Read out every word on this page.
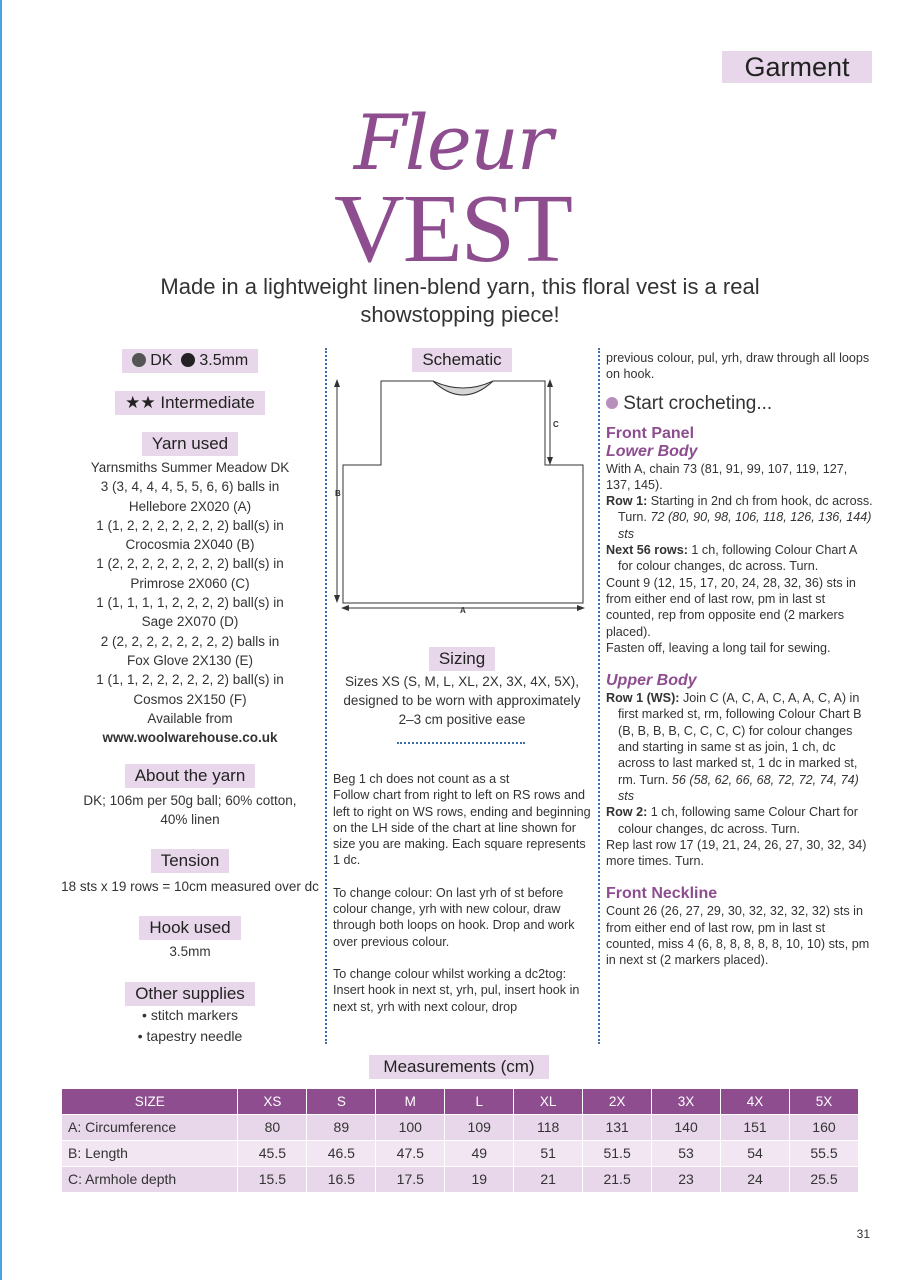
Garment
Fleur
VEST
Made in a lightweight linen-blend yarn, this floral vest is a real showstopping piece!
DK 3.5mm
★★ Intermediate
Yarn used
Yarnsmiths Summer Meadow DK
3 (3, 4, 4, 4, 5, 5, 6, 6) balls in
Hellebore 2X020 (A)
1 (1, 2, 2, 2, 2, 2, 2, 2) ball(s) in
Crocosmia 2X040 (B)
1 (2, 2, 2, 2, 2, 2, 2, 2) ball(s) in
Primrose 2X060 (C)
1 (1, 1, 1, 1, 2, 2, 2, 2) ball(s) in
Sage 2X070 (D)
2 (2, 2, 2, 2, 2, 2, 2, 2) balls in
Fox Glove 2X130 (E)
1 (1, 1, 2, 2, 2, 2, 2, 2) ball(s) in
Cosmos 2X150 (F)
Available from
www.woolwarehouse.co.uk
About the yarn
DK; 106m per 50g ball; 60% cotton,
40% linen
Tension
18 sts x 19 rows = 10cm measured over dc
Hook used
3.5mm
Other supplies
• stitch markers
• tapestry needle
Schematic
B
C
A
Sizing
Sizes XS (S, M, L, XL, 2X, 3X, 4X, 5X),
designed to be worn with approximately
2–3 cm positive ease
Beg 1 ch does not count as a st
Follow chart from right to left on RS rows and left to right on WS rows, ending and beginning on the LH side of the chart at line shown for size you are making. Each square represents 1 dc.
To change colour: On last yrh of st before colour change, yrh with new colour, draw through both loops on hook. Drop and work over previous colour.
To change colour whilst working a dc2tog: Insert hook in next st, yrh, pul, insert hook in next st, yrh with next colour, drop
previous colour, pul, yrh, draw through all loops on hook.
Start crocheting...
Front Panel
Lower Body
With A, chain 73 (81, 91, 99, 107, 119, 127, 137, 145).
Row 1: Starting in 2nd ch from hook, dc across. Turn. 72 (80, 90, 98, 106, 118, 126, 136, 144) sts
Next 56 rows: 1 ch, following Colour Chart A for colour changes, dc across. Turn.
Count 9 (12, 15, 17, 20, 24, 28, 32, 36) sts in from either end of last row, pm in last st counted, rep from opposite end (2 markers placed).
Fasten off, leaving a long tail for sewing.
Upper Body
Row 1 (WS): Join C (A, C, A, C, A, A, C, A) in first marked st, rm, following Colour Chart B (B, B, B, B, C, C, C, C) for colour changes and starting in same st as join, 1 ch, dc across to last marked st, 1 dc in marked st, rm. Turn. 56 (58, 62, 66, 68, 72, 72, 74, 74) sts
Row 2: 1 ch, following same Colour Chart for colour changes, dc across. Turn.
Rep last row 17 (19, 21, 24, 26, 27, 30, 32, 34) more times. Turn.
Front Neckline
Count 26 (26, 27, 29, 30, 32, 32, 32, 32) sts in from either end of last row, pm in last st counted, miss 4 (6, 8, 8, 8, 8, 8, 10, 10) sts, pm in next st (2 markers placed).
Measurements (cm)
SIZE	XS	S	M	L	XL	2X	3X	4X	5X
A: Circumference	80	89	100	109	118	131	140	151	160
B: Length	45.5	46.5	47.5	49	51	51.5	53	54	55.5
C: Armhole depth	15.5	16.5	17.5	19	21	21.5	23	24	25.5
31
